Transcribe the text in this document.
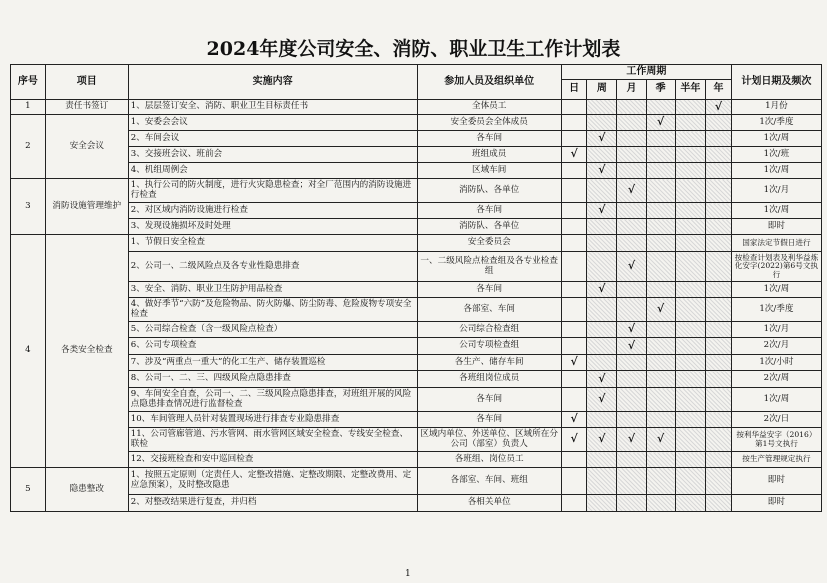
2024年度公司安全、消防、职业卫生工作计划表
序号	项目	实施内容	参加人员及组织单位	工作周期						计划日期及频次
				日	周	月	季	半年	年	
1	责任书签订	1、层层签订安全、消防、职业卫生目标责任书	全体员工						√	1月份
2	安全会议	1、安委会会议	安全委员会全体成员				√			1次/季度
		2、车间会议	各车间		√					1次/周
		3、交接班会议、班前会	班组成员	√						1次/班
		4、机组周例会	区域车间		√					1次/周
3	消防设施管理维护	1、执行公司的防火制度，进行火灾隐患检查；对全厂范围内的消防设施进行检查	消防队、各单位			√				1次/月
		2、对区域内消防设施进行检查	各车间		√					1次/周
		3、发现设施损坏及时处理	消防队、各单位							即时
4	各类安全检查	1、节假日安全检查	安全委员会							国家法定节假日进行
		2、公司一、二级风险点及各专业性隐患排查	一、二级风险点检查组及各专业检查组			√				按检查计划表及利华益炼化安字(2022)第6号文执行
		3、安全、消防、职业卫生防护用品检查	各车间		√					1次/周
		4、做好季节“六防”及危险物品、防火防爆、防尘防毒、危险废物专项安全检查	各部室、车间				√			1次/季度
		5、公司综合检查（含一级风险点检查）	公司综合检查组			√				1次/月
		6、公司专项检查	公司专项检查组			√				2次/月
		7、涉及“两重点一重大”的化工生产、储存装置巡检	各生产、储存车间	√						1次/小时
		8、公司一、二、三、四级风险点隐患排查	各班组岗位成员		√					2次/周
		9、车间安全自查，公司一、二、三级风险点隐患排查，对班组开展的风险点隐患排查情况进行监督检查	各车间		√					1次/周
		10、车间管理人员针对装置现场进行排查专业隐患排查	各车间	√						2次/日
		11、公司管廊管道、污水管网、雨水管网区域安全检查、专线安全检查、联检	区域内单位、外送单位、区域所在分公司（部室）负责人	√	√	√	√			按利华益安字（2016）第1号文执行
		12、交接班检查和安中巡回检查	各班组、岗位员工							按生产管理规定执行
5	隐患整改	1、按照五定原则（定责任人、定整改措施、定整改期限、定整改费用、定应急预案），及时整改隐患	各部室、车间、班组							即时
		2、对整改结果进行复查，并归档	各相关单位							即时
1
